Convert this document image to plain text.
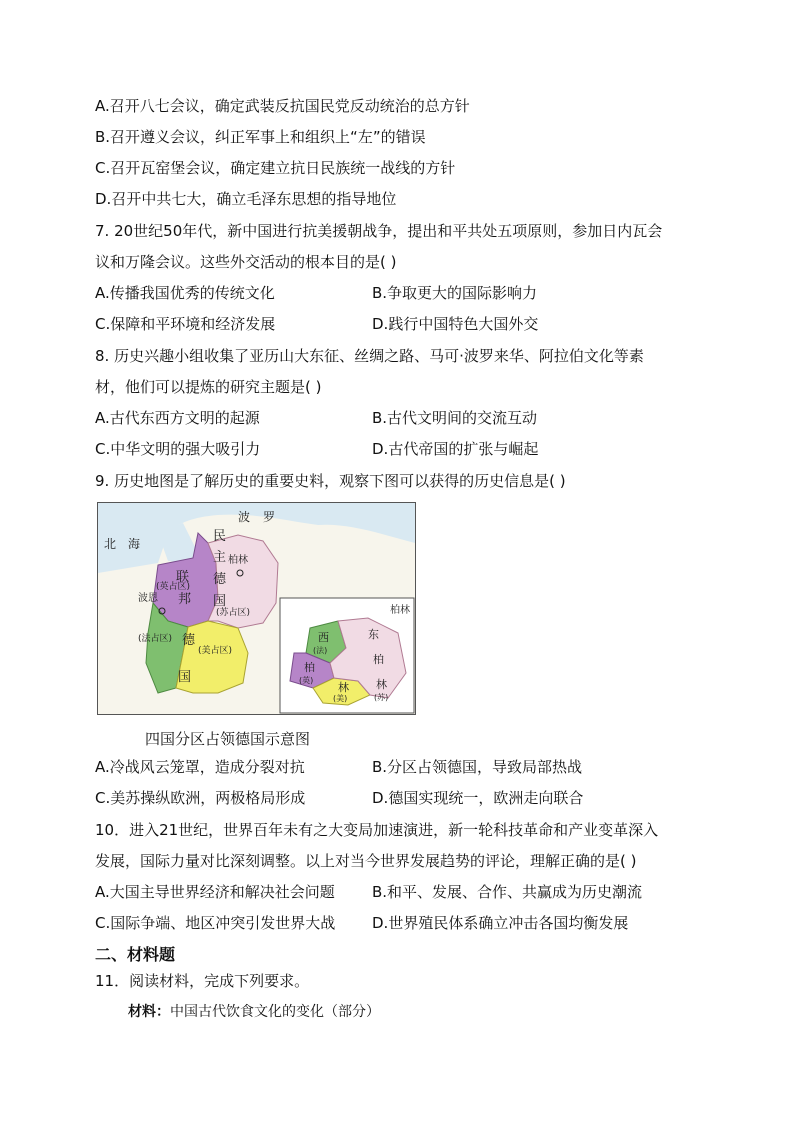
A.召开八七会议，确定武装反抗国民党反动统治的总方针
B.召开遵义会议，纠正军事上和组织上“左”的错误
C.召开瓦窑堡会议，确定建立抗日民族统一战线的方针
D.召开中共七大，确立毛泽东思想的指导地位
7. 20世纪50年代，新中国进行抗美援朝战争，提出和平共处五项原则，参加日内瓦会
议和万隆会议。这些外交活动的根本目的是( )
A.传播我国优秀的传统文化	B.争取更大的国际影响力
C.保障和平环境和经济发展	D.践行中国特色大国外交
8. 历史兴趣小组收集了亚历山大东征、丝绸之路、马可·波罗来华、阿拉伯文化等素
材，他们可以提炼的研究主题是( )
A.古代东西方文明的起源	B.古代文明间的交流互动
C.中华文明的强大吸引力	D.古代帝国的扩张与崛起
9. 历史地图是了解历史的重要史料，观察下图可以获得的历史信息是( )
北 海
波 罗
联
邦
德
国
民
主
德
国
柏林
波恩
(英占区)
(苏占区)
(法占区)
(美占区)
柏林
西
(法)
柏
(英)
林
(美)
东
柏
林
(苏)
四国分区占领德国示意图
A.冷战风云笼罩，造成分裂对抗	B.分区占领德国，导致局部热战
C.美苏操纵欧洲，两极格局形成	D.德国实现统一，欧洲走向联合
10．进入21世纪，世界百年未有之大变局加速演进，新一轮科技革命和产业变革深入
发展，国际力量对比深刻调整。以上对当今世界发展趋势的评论，理解正确的是( )
A.大国主导世界经济和解决社会问题 B.和平、发展、合作、共赢成为历史潮流
C.国际争端、地区冲突引发世界大战 D.世界殖民体系确立冲击各国均衡发展
二、材料题
11．阅读材料，完成下列要求。
材料：中国古代饮食文化的变化（部分）
